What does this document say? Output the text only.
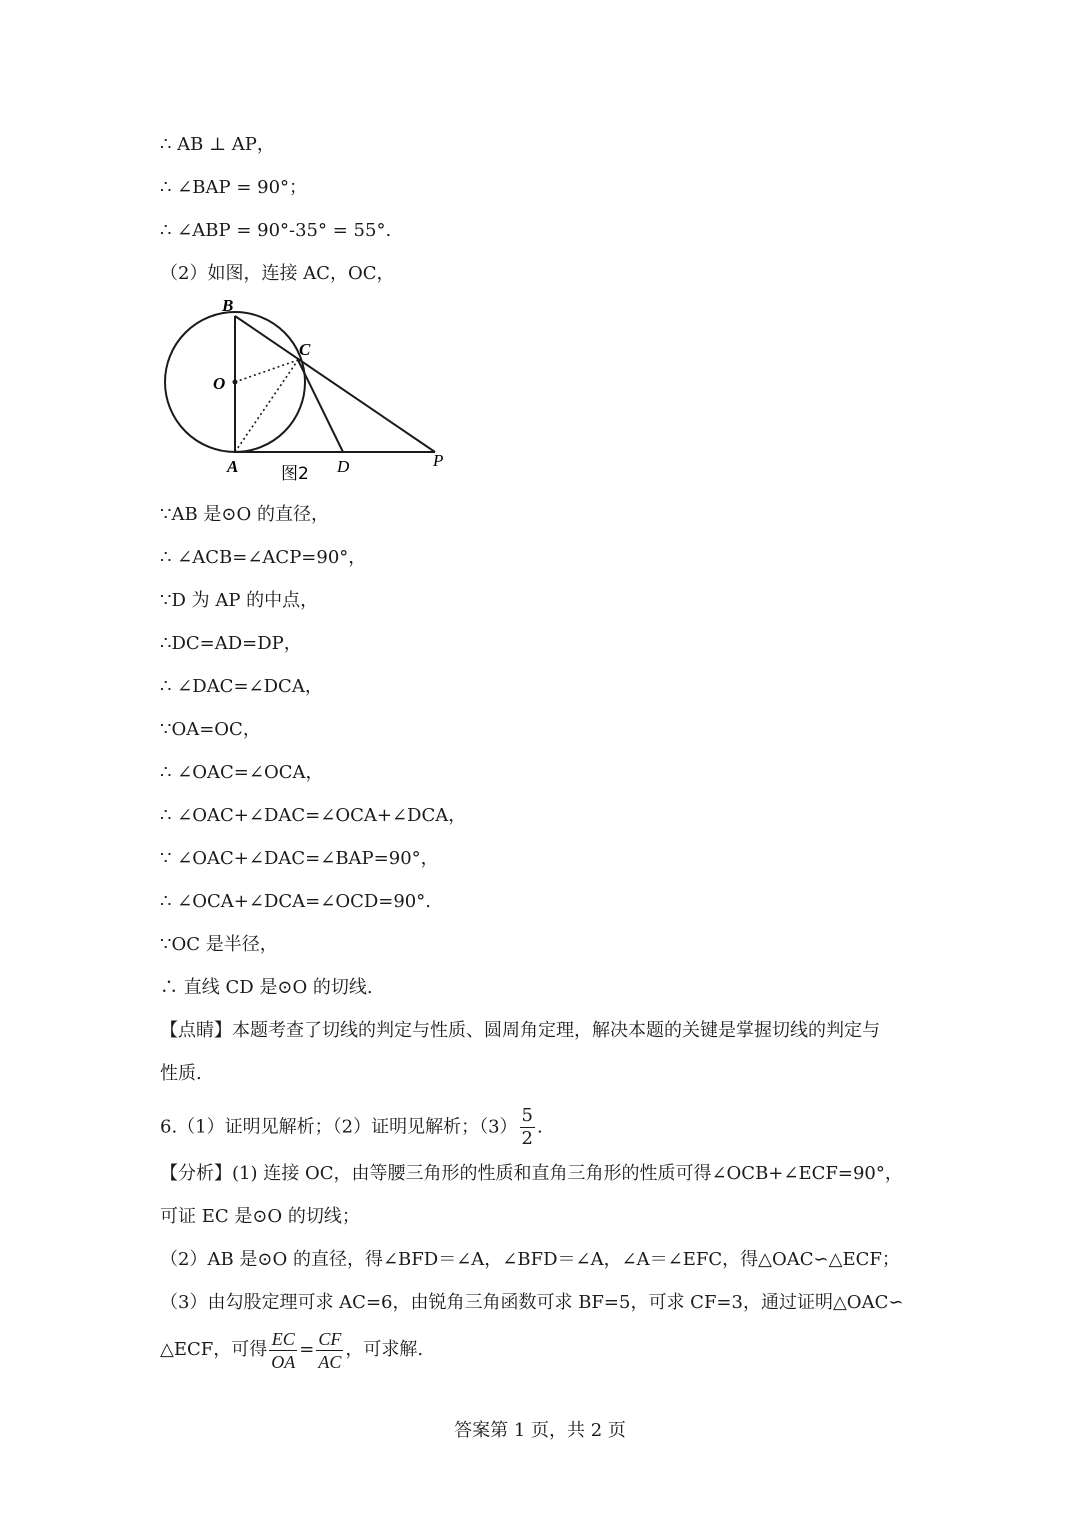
∴ AB ⊥ AP，
∴ ∠BAP = 90°；
∴ ∠ABP = 90°-35° = 55°.
（2）如图，连接 AC，OC，
∵AB 是⊙O 的直径，
∴ ∠ACB=∠ACP=90°，
∵D 为 AP 的中点，
∴DC=AD=DP，
∴ ∠DAC=∠DCA，
∵OA=OC，
∴ ∠OAC=∠OCA，
∴ ∠OAC+∠DAC=∠OCA+∠DCA，
∵ ∠OAC+∠DAC=∠BAP=90°，
∴ ∠OCA+∠DCA=∠OCD=90°.
∵OC 是半径，
∴ 直线 CD 是⊙O 的切线.
【点睛】本题考查了切线的判定与性质、圆周角定理，解决本题的关键是掌握切线的判定与
性质.
【分析】(1) 连接 OC，由等腰三角形的性质和直角三角形的性质可得∠OCB+∠ECF=90°，
可证 EC 是⊙O 的切线；
（2）AB 是⊙O 的直径，得∠BFD＝∠A，∠BFD＝∠A，∠A＝∠EFC，得△OAC∽△ECF；
（3）由勾股定理可求 AC=6，由锐角三角函数可求 BF=5，可求 CF=3，通过证明△OAC∽
6.（1）证明见解析；（2）证明见解析；$(3) \frac{5}{2}$ .
△ECF，可得 $\frac{EC}{OA} = \frac{CF}{AC}$ ，可求解.
B
C
O
A	D	P
图2
答案第 1 页，共 2 页
